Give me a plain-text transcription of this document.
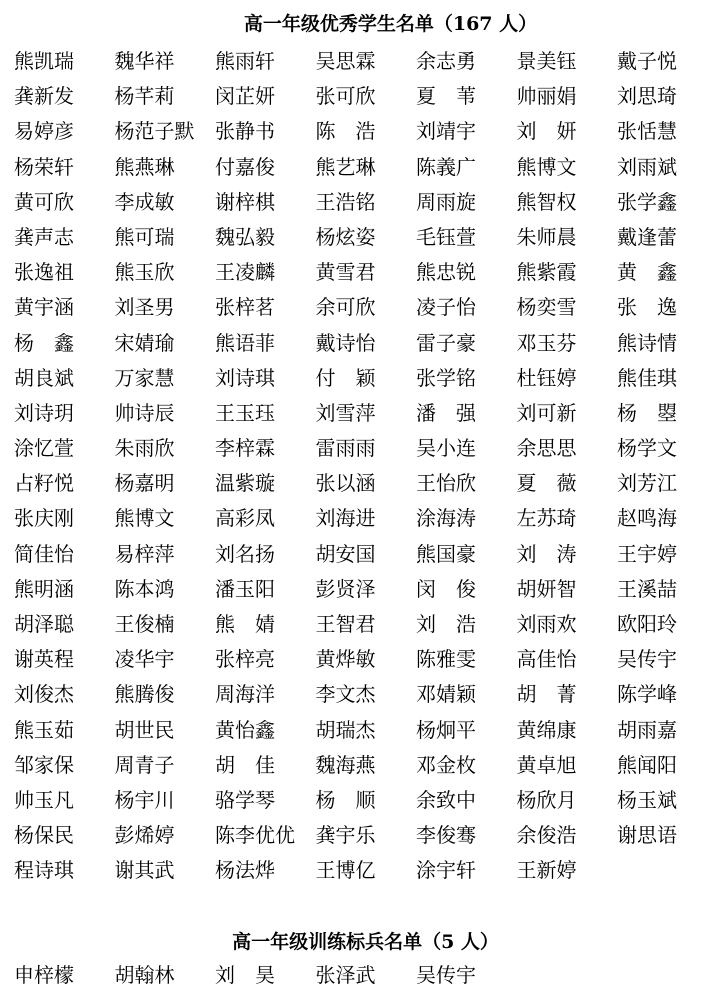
高一年级优秀学生名单（167 人）
熊凯瑞	魏华祥	熊雨轩	吴思霖	余志勇	景美钰	戴子悦
龚新发	杨芊莉	闵芷妍	张可欣	夏苇	帅丽娟	刘思琦
易婷彦	杨范子默	张静书	陈浩	刘靖宇	刘妍	张恬慧
杨荣轩	熊燕琳	付嘉俊	熊艺琳	陈義广	熊博文	刘雨斌
黄可欣	李成敏	谢梓棋	王浩铭	周雨旋	熊智权	张学鑫
龚声志	熊可瑞	魏弘毅	杨炫姿	毛钰萱	朱师晨	戴逢蕾
张逸祖	熊玉欣	王凌麟	黄雪君	熊忠锐	熊紫霞	黄鑫
黄宇涵	刘圣男	张梓茗	余可欣	凌子怡	杨奕雪	张逸
杨鑫	宋婧瑜	熊语菲	戴诗怡	雷子豪	邓玉芬	熊诗情
胡良斌	万家慧	刘诗琪	付颖	张学铭	杜钰婷	熊佳琪
刘诗玥	帅诗辰	王玉珏	刘雪萍	潘强	刘可新	杨曌
涂忆萱	朱雨欣	李梓霖	雷雨雨	吴小连	余思思	杨学文
占籽悦	杨嘉明	温紫璇	张以涵	王怡欣	夏薇	刘芳江
张庆刚	熊博文	高彩凤	刘海进	涂海涛	左苏琦	赵鸣海
简佳怡	易梓萍	刘名扬	胡安国	熊国豪	刘涛	王宇婷
熊明涵	陈本鸿	潘玉阳	彭贤泽	闵俊	胡妍智	王溪喆
胡泽聪	王俊楠	熊婧	王智君	刘浩	刘雨欢	欧阳玲
谢英程	凌华宇	张梓亮	黄烨敏	陈雅雯	高佳怡	吴传宇
刘俊杰	熊腾俊	周海洋	李文杰	邓婧颖	胡菁	陈学峰
熊玉茹	胡世民	黄怡鑫	胡瑞杰	杨炯平	黄绵康	胡雨嘉
邹家保	周青子	胡佳	魏海燕	邓金枚	黄卓旭	熊闻阳
帅玉凡	杨宇川	骆学琴	杨顺	余致中	杨欣月	杨玉斌
杨保民	彭烯婷	陈李优优	龚宇乐	李俊骞	余俊浩	谢思语
程诗琪	谢其武	杨法烨	王博亿	涂宇轩	王新婷
高一年级训练标兵名单（5 人）
申梓檬	胡翰林	刘昊	张泽武	吴传宇
